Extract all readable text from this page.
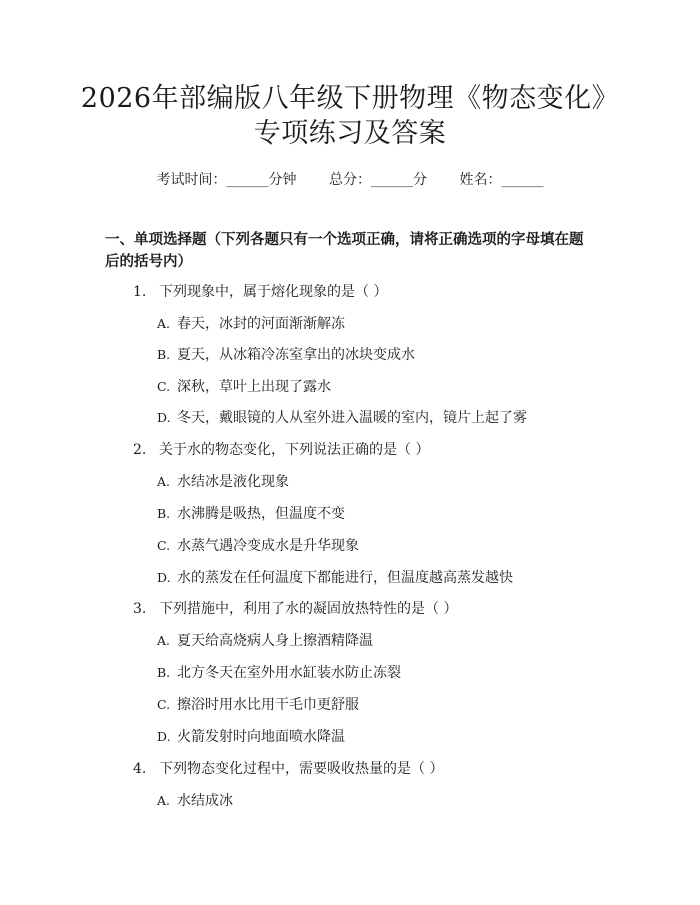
2026年部编版八年级下册物理《物态变化》
专项练习及答案
考试时间：______分钟 总分：______分 姓名：______
一、单项选择题（下列各题只有一个选项正确，请将正确选项的字母填在题后的括号内）
1. 下列现象中，属于熔化现象的是（ ）
A. 春天，冰封的河面渐渐解冻
B. 夏天，从冰箱冷冻室拿出的冰块变成水
C. 深秋，草叶上出现了露水
D. 冬天，戴眼镜的人从室外进入温暖的室内，镜片上起了雾
2. 关于水的物态变化，下列说法正确的是（ ）
A. 水结冰是液化现象
B. 水沸腾是吸热，但温度不变
C. 水蒸气遇冷变成水是升华现象
D. 水的蒸发在任何温度下都能进行，但温度越高蒸发越快
3. 下列措施中，利用了水的凝固放热特性的是（ ）
A. 夏天给高烧病人身上擦酒精降温
B. 北方冬天在室外用水缸装水防止冻裂
C. 擦浴时用水比用干毛巾更舒服
D. 火箭发射时向地面喷水降温
4. 下列物态变化过程中，需要吸收热量的是（ ）
A. 水结成冰
